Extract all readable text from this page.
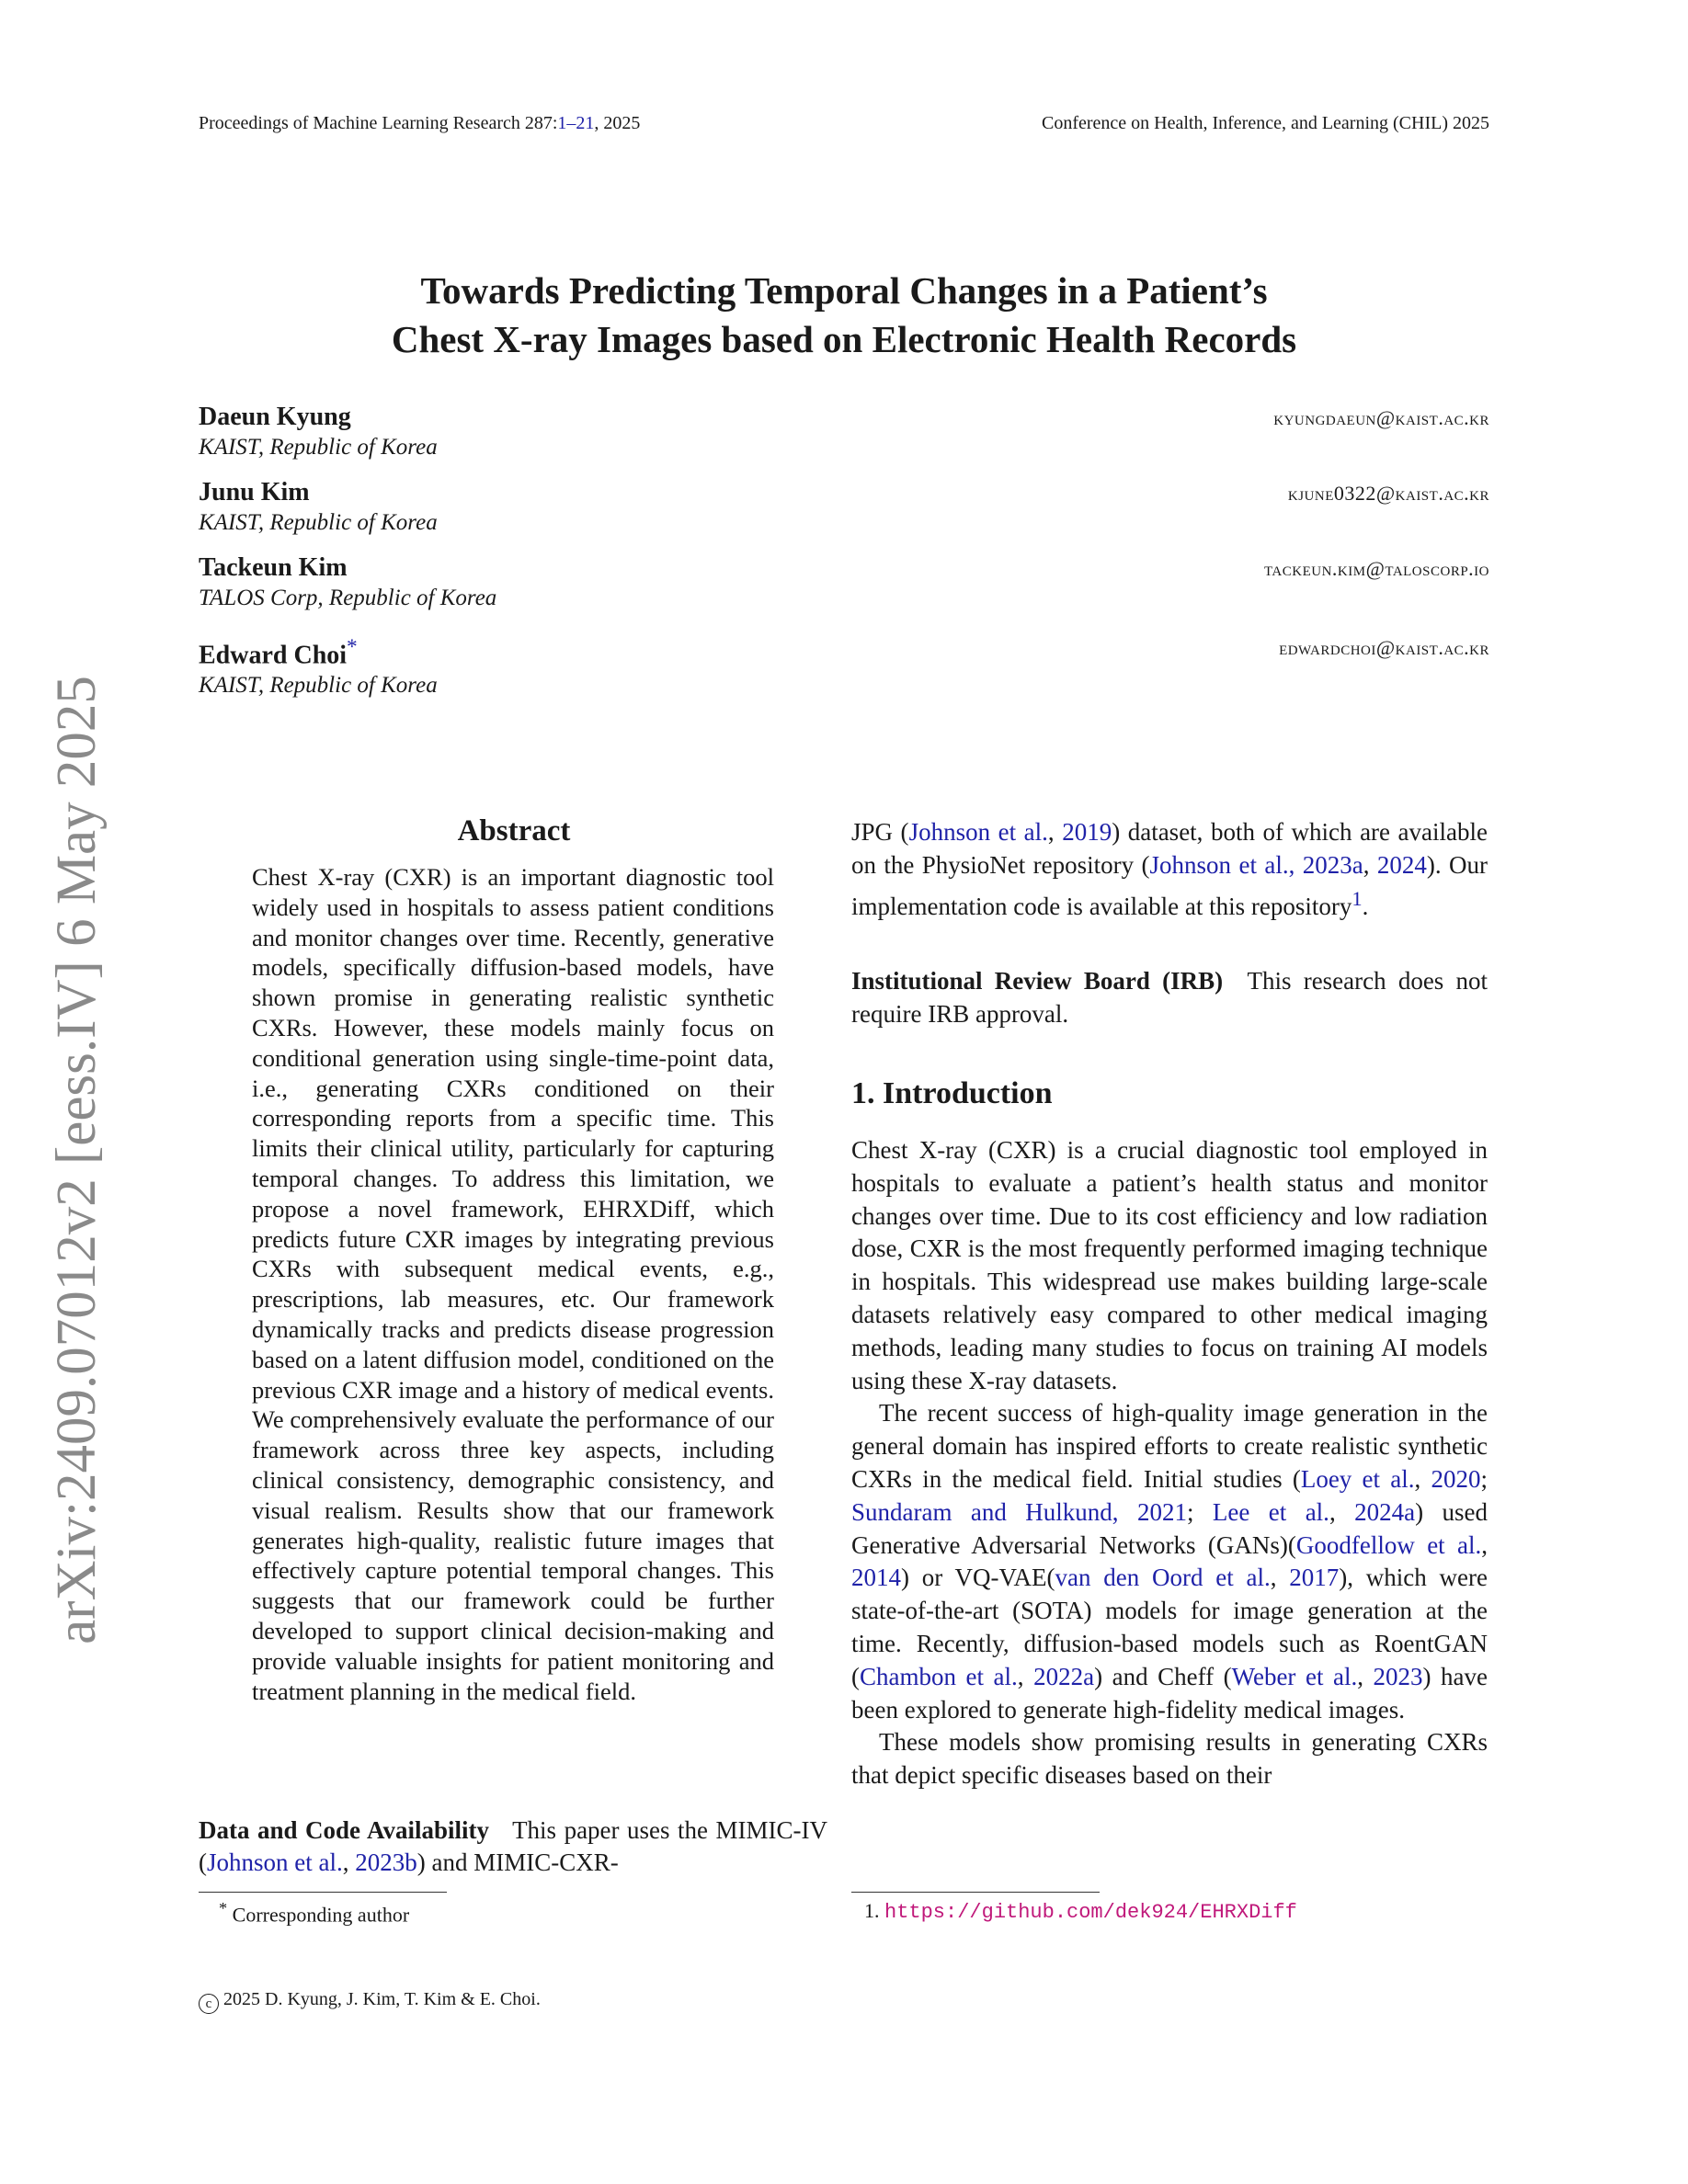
Proceedings of Machine Learning Research 287:1–21, 2025	Conference on Health, Inference, and Learning (CHIL) 2025
Towards Predicting Temporal Changes in a Patient’s
Chest X-ray Images based on Electronic Health Records
Daeun Kyung
KAIST, Republic of Korea
kyungdaeun@kaist.ac.kr
Junu Kim
KAIST, Republic of Korea
kjune0322@kaist.ac.kr
Tackeun Kim
TALOS Corp, Republic of Korea
tackeun.kim@taloscorp.io
Edward Choi*
KAIST, Republic of Korea
edwardchoi@kaist.ac.kr
arXiv:2409.07012v2 [eess.IV] 6 May 2025	Abstract
Chest X-ray (CXR) is an important diagnostic tool widely used in hospitals to assess patient conditions and monitor changes over time. Recently, generative models, specifically diffusion-based models, have shown promise in generating realistic synthetic CXRs. However, these models mainly focus on conditional generation using single-time-point data, i.e., generating CXRs conditioned on their corresponding reports from a specific time. This limits their clinical utility, particularly for capturing temporal changes. To address this limitation, we propose a novel framework, EHRXDiff, which predicts future CXR images by integrating previous CXRs with subsequent medical events, e.g., prescriptions, lab measures, etc. Our framework dynamically tracks and predicts disease progression based on a latent diffusion model, conditioned on the previous CXR image and a history of medical events. We comprehensively evaluate the performance of our framework across three key aspects, including clinical consistency, demographic consistency, and visual realism. Results show that our framework generates high-quality, realistic future images that effectively capture potential temporal changes. This suggests that our framework could be further developed to support clinical decision-making and provide valuable insights for patient monitoring and treatment planning in the medical field.
Data and Code Availability This paper uses the MIMIC-IV (Johnson et al., 2023b) and MIMIC-CXR-

JPG (Johnson et al., 2019) dataset, both of which are available on the PhysioNet repository (Johnson et al., 2023a, 2024). Our implementation code is available at this repository$^1$.

Institutional Review Board (IRB) This research does not require IRB approval.

1. Introduction

Chest X-ray (CXR) is a crucial diagnostic tool employed in hospitals to evaluate a patient’s health status and monitor changes over time. Due to its cost efficiency and low radiation dose, CXR is the most frequently performed imaging technique in hospitals. This widespread use makes building large-scale datasets relatively easy compared to other medical imaging methods, leading many studies to focus on training AI models using these X-ray datasets.

The recent success of high-quality image generation in the general domain has inspired efforts to create realistic synthetic CXRs in the medical field. Initial studies (Loey et al., 2020; Sundaram and Hulkund, 2021; Lee et al., 2024a) used Generative Adversarial Networks (GANs)(Goodfellow et al., 2014) or VQ-VAE(van den Oord et al., 2017), which were state-of-the-art (SOTA) models for image generation at the time. Recently, diffusion-based models such as RoentGAN (Chambon et al., 2022a) and Cheff (Weber et al., 2023) have been explored to generate high-fidelity medical images.

These models show promising results in generating CXRs that depict specific diseases based on their

* Corresponding author	1. https://github.com/dek924/EHRXDiff
c 2025 D. Kyung, J. Kim, T. Kim & E. Choi.
